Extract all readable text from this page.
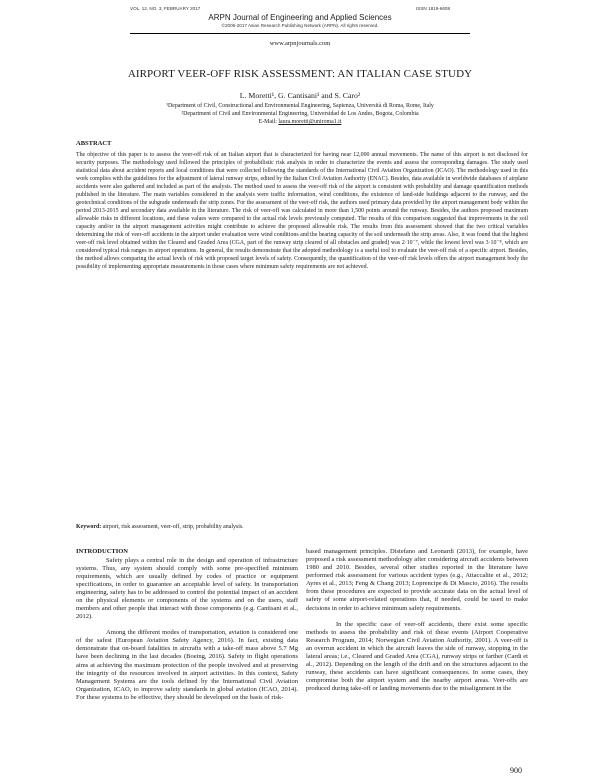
VOL. 12, NO. 3, FEBRUARY 2017	ISSN 1819-6608
ARPN Journal of Engineering and Applied Sciences
©2006-2017 Asian Research Publishing Network (ARPN). All rights reserved.
www.arpnjournals.com
AIRPORT VEER-OFF RISK ASSESSMENT: AN ITALIAN CASE STUDY
L. Moretti¹, G. Cantisani¹ and S. Caro²
¹Department of Civil, Constructional and Environmental Engineering, Sapienza, Università di Roma, Rome, Italy
²Department of Civil and Environmental Engineering, Universidad de Los Andes, Bogota, Colombia
E-Mail: laura.moretti@uniroma1.it
ABSTRACT
The objective of this paper is to assess the veer-off risk of an Italian airport that is characterized for having near 12,000 annual movements. The name of this airport is not disclosed for security purposes. The methodology used followed the principles of probabilistic risk analysis in order to characterize the events and assess the corresponding damages. The study used statistical data about accident reports and local conditions that were collected following the standards of the International Civil Aviation Organization (ICAO). The methodology used in this work complies with the guidelines for the adjustment of lateral runway strips, edited by the Italian Civil Aviation Authority (ENAC). Besides, data available in worldwide databases of airplane accidents were also gathered and included as part of the analysis. The method used to assess the veer-off risk of the airport is consistent with probability and damage quantification methods published in the literature. The main variables considered in the analysis were traffic information, wind conditions, the existence of land-side buildings adjacent to the runway, and the geotechnical conditions of the subgrade underneath the strip zones. For the assessment of the veer-off risk, the authors used primary data provided by the airport management body within the period 2013-2015 and secondary data available in the literature. The risk of veer-off was calculated in more than 1,500 points around the runway. Besides, the authors proposed maximum allowable risks in different locations, and these values were compared to the actual risk levels previously computed. The results of this comparison suggested that improvements in the soil capacity and/or in the airport management activities might contribute to achieve the proposed allowable risk. The results from this assessment showed that the two critical variables determining the risk of veer-off accidents in the airport under evaluation were wind conditions and the bearing capacity of the soil underneath the strip areas. Also, it was found that the highest veer-off risk level obtained within the Cleared and Graded Area (CGA, part of the runway strip cleared of all obstacles and graded) was 2·10⁻⁷, while the lowest level was 3·10⁻⁸, which are considered typical risk ranges in airport operations. In general, the results demonstrate that the adopted methodology is a useful tool to evaluate the veer-off risk of a specific airport. Besides, the method allows comparing the actual levels of risk with proposed target levels of safety. Consequently, the quantification of the veer-off risk levels offers the airport management body the possibility of implementing appropriate measurements in those cases where minimum safety requirements are not achieved.
Keyword: airport, risk assessment, veer-off, strip, probability analysis.
INTRODUCTION

Safety plays a central role in the design and operation of infrastructure systems. Thus, any system should comply with some pre-specified minimum requirements, which are usually defined by codes of practice or equipment specifications, in order to guarantee an acceptable level of safety. In transportation engineering, safety has to be addressed to control the potential impact of an accident on the physical elements or components of the systems and on the users, staff members and other people that interact with those components (e.g. Cantisani et al., 2012).

Among the different modes of transportation, aviation is considered one of the safest (European Aviation Safety Agency, 2016). In fact, existing data demonstrate that on-board fatalities in aircrafts with a take-off mass above 5.7 Mg have been declining in the last decades (Boeing, 2016). Safety in flight operations aims at achieving the maximum protection of the people involved and at preserving the integrity of the resources involved in airport activities. In this context, Safety Management Systems are the tools defined by the International Civil Aviation Organization, ICAO, to improve safety standards in global aviation (ICAO, 2014). For these systems to be effective, they should be developed on the basis of risk-

based management principles. Distefano and Leonardi (2013), for example, have proposed a risk assessment methodology after considering aircraft accidents between 1980 and 2010. Besides, several other studies reported in the literature have performed risk assessment for various accident types (e.g., Attaccalite et al., 2012; Ayres et al., 2013; Feng & Chang 2013; Loprencipe & Di Mascio, 2016). The results from these procedures are expected to provide accurate data on the actual level of safety of some airport-related operations that, if needed, could be used to make decisions in order to achieve minimum safety requirements.

In the specific case of veer-off accidents, there exist some specific methods to assess the probability and risk of these events (Airport Cooperative Research Program, 2014; Norwegian Civil Aviation Authority, 2001). A veer-off is an overrun accident in which the aircraft leaves the side of runway, stopping in the lateral areas; i.e., Cleared and Graded Area (CGA), runway strips or farther (Cardi et al., 2012). Depending on the length of the drift and on the structures adjacent to the runway, these accidents can have significant consequences. In some cases, they compromise both the airport system and the nearby airport areas. Veer-offs are produced during take-off or landing movements due to the misalignment in the

900
